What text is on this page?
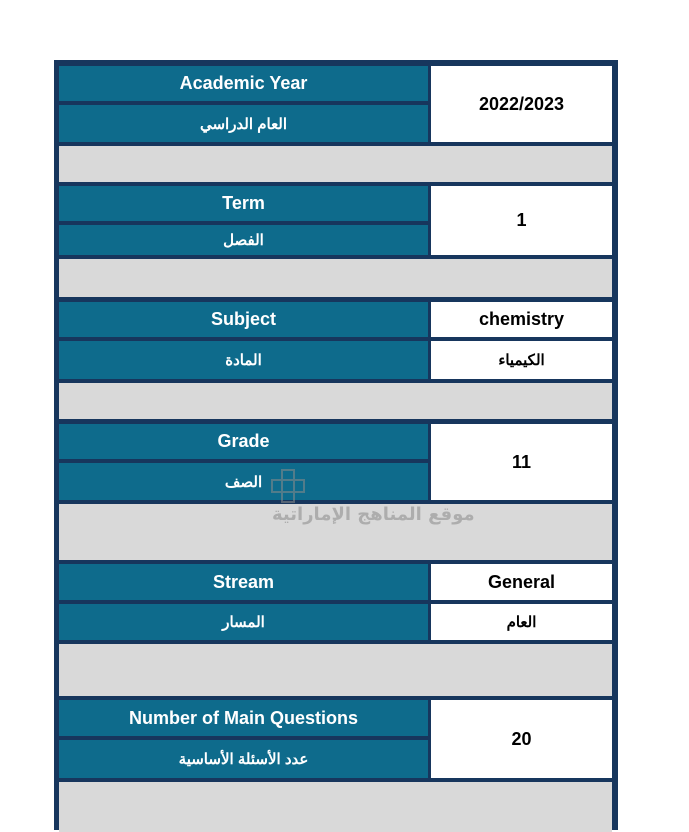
Academic Year
العام الدراسي
2022/2023
Term
الفصل
1
Subject
المادة
chemistry
الكيمياء
Grade
الصف
11
Stream
المسار
General
العام
Number of Main Questions
عدد الأسئلة الأساسية
20
موقع المناهج الإماراتية
